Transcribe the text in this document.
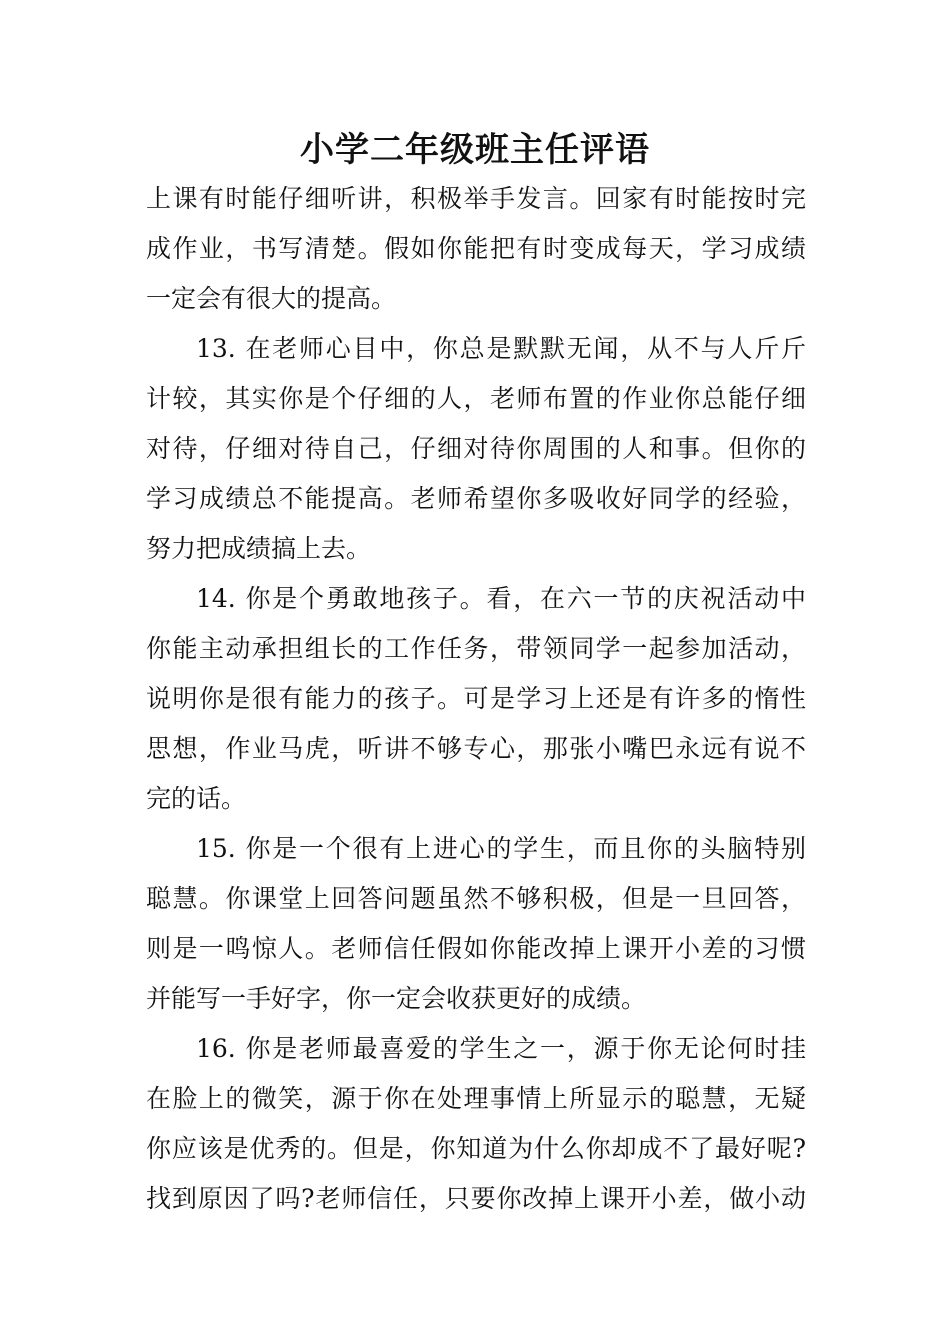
小学二年级班主任评语
上课有时能仔细听讲，积极举手发言。回家有时能按时完
成作业，书写清楚。假如你能把有时变成每天，学习成绩
一定会有很大的提高。
13. 在老师心目中，你总是默默无闻，从不与人斤斤
计较，其实你是个仔细的人，老师布置的作业你总能仔细
对待，仔细对待自己，仔细对待你周围的人和事。但你的
学习成绩总不能提高。老师希望你多吸收好同学的经验，
努力把成绩搞上去。
14. 你是个勇敢地孩子。看，在六一节的庆祝活动中
你能主动承担组长的工作任务，带领同学一起参加活动，
说明你是很有能力的孩子。可是学习上还是有许多的惰性
思想，作业马虎，听讲不够专心，那张小嘴巴永远有说不
完的话。
15. 你是一个很有上进心的学生，而且你的头脑特别
聪慧。你课堂上回答问题虽然不够积极，但是一旦回答，
则是一鸣惊人。老师信任假如你能改掉上课开小差的习惯
并能写一手好字，你一定会收获更好的成绩。
16. 你是老师最喜爱的学生之一，源于你无论何时挂
在脸上的微笑，源于你在处理事情上所显示的聪慧，无疑
你应该是优秀的。但是，你知道为什么你却成不了最好呢?
找到原因了吗?老师信任，只要你改掉上课开小差，做小动
